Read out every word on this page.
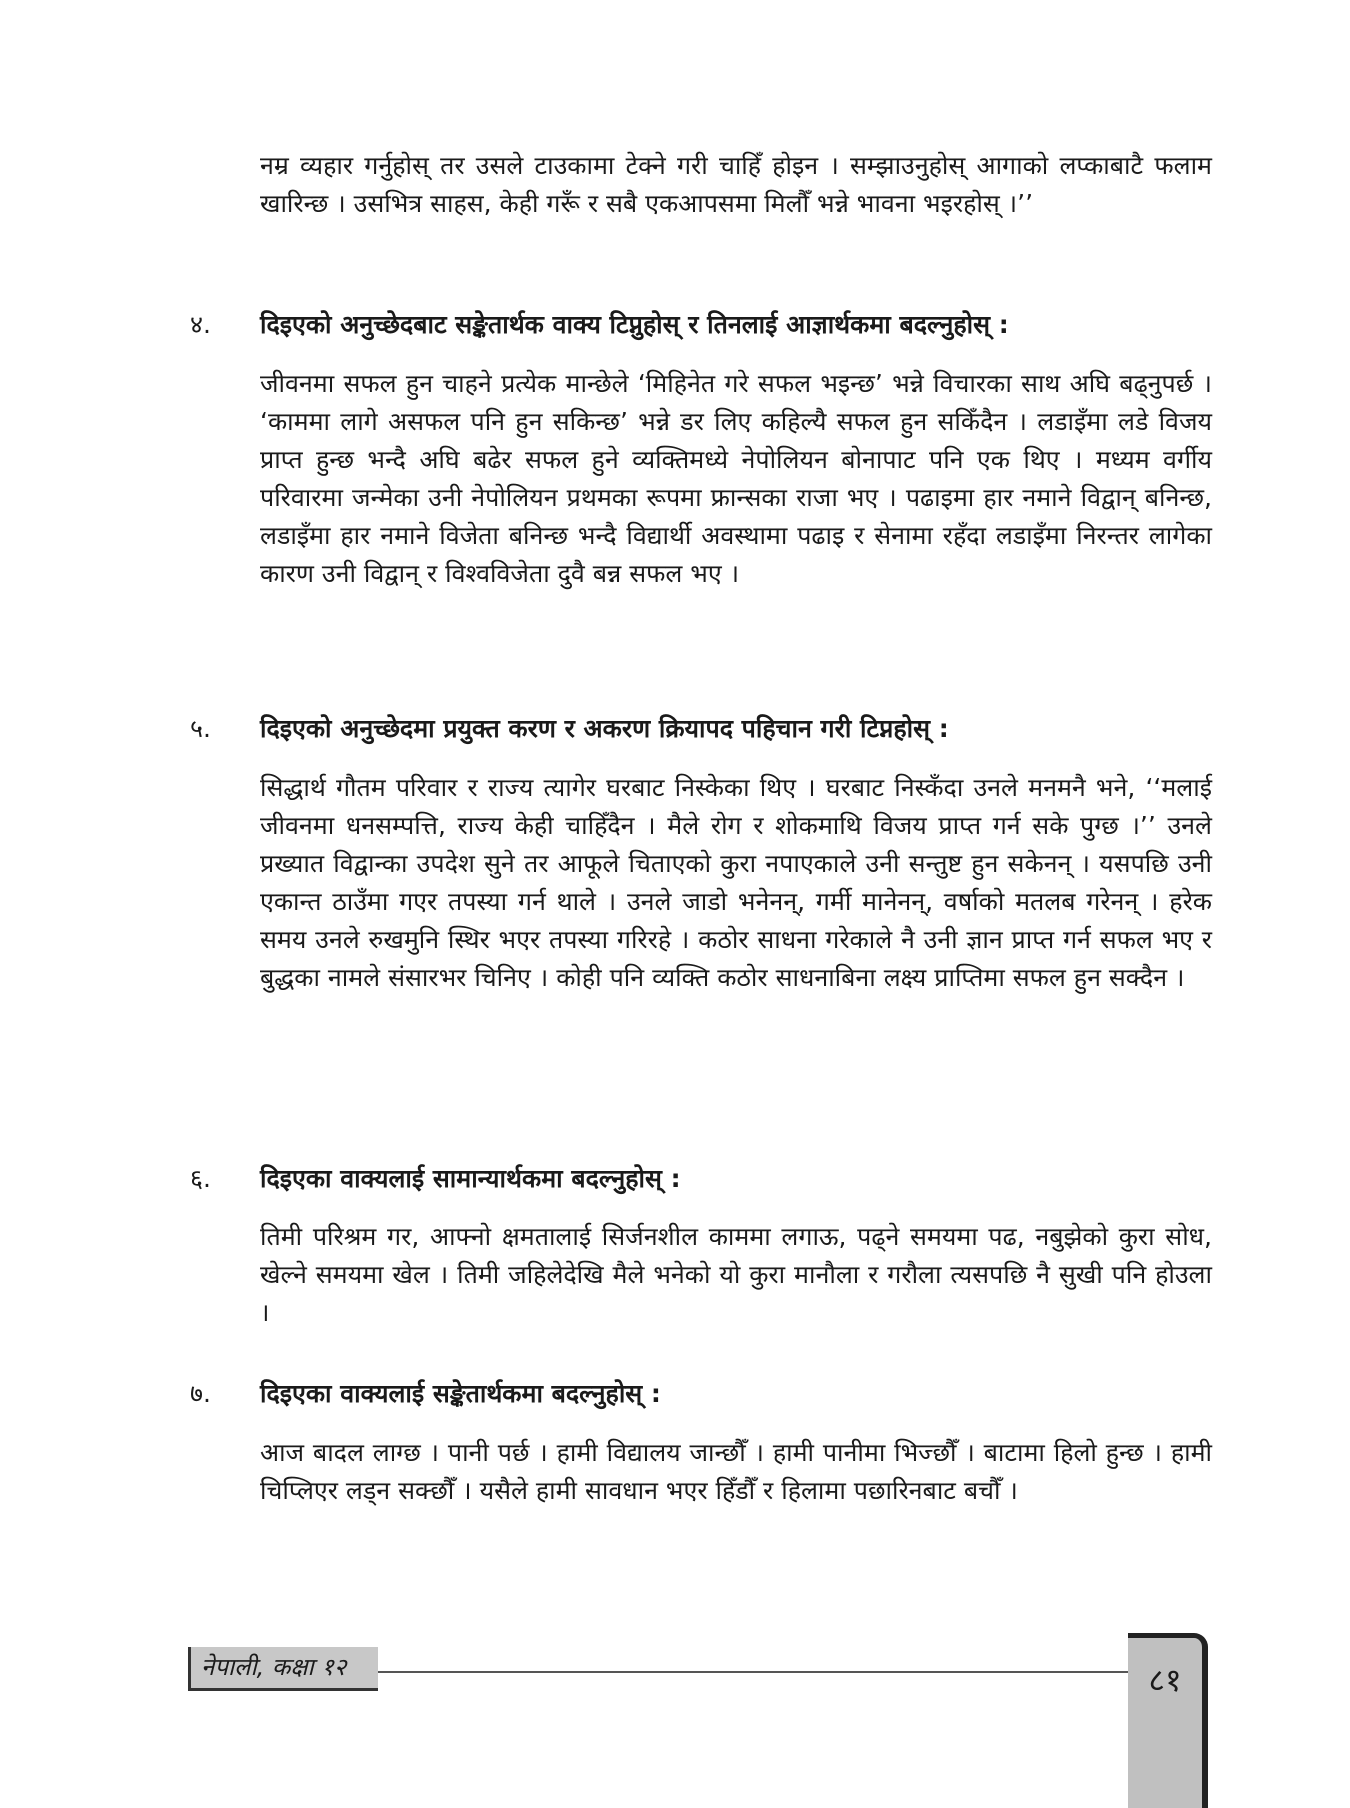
नम्र व्यहार गर्नुहोस् तर उसले टाउकामा टेक्ने गरी चाहिँ होइन । सम्झाउनुहोस् आगाको लप्काबाटै फलाम खारिन्छ । उसभित्र साहस, केही गरूँ र सबै एकआपसमा मिलौँ भन्ने भावना भइरहोस् ।’’

४. दिइएको अनुच्छेदबाट सङ्केतार्थक वाक्य टिप्नुहोस् र तिनलाई आज्ञार्थकमा बदल्नुहोस् :

जीवनमा सफल हुन चाहने प्रत्येक मान्छेले ‘मिहिनेत गरे सफल भइन्छ’ भन्ने विचारका साथ अघि बढ्नुपर्छ । ‘काममा लागे असफल पनि हुन सकिन्छ’ भन्ने डर लिए कहिल्यै सफल हुन सकिँदैन । लडाइँमा लडे विजय प्राप्त हुन्छ भन्दै अघि बढेर सफल हुने व्यक्तिमध्ये नेपोलियन बोनापाट पनि एक थिए । मध्यम वर्गीय परिवारमा जन्मेका उनी नेपोलियन प्रथमका रूपमा फ्रान्सका राजा भए । पढाइमा हार नमाने विद्वान् बनिन्छ, लडाइँमा हार नमाने विजेता बनिन्छ भन्दै विद्यार्थी अवस्थामा पढाइ र सेनामा रहँदा लडाइँमा निरन्तर लागेका कारण उनी विद्वान् र विश्वविजेता दुवै बन्न सफल भए ।

५. दिइएको अनुच्छेदमा प्रयुक्त करण र अकरण क्रियापद पहिचान गरी टिप्नहोस् :

सिद्धार्थ गौतम परिवार र राज्य त्यागेर घरबाट निस्केका थिए । घरबाट निस्कँदा उनले मनमनै भने, ‘‘मलाई जीवनमा धनसम्पत्ति, राज्य केही चाहिँदैन । मैले रोग र शोकमाथि विजय प्राप्त गर्न सके पुग्छ ।’’ उनले प्रख्यात विद्वान्का उपदेश सुने तर आफूले चिताएको कुरा नपाएकाले उनी सन्तुष्ट हुन सकेनन् । यसपछि उनी एकान्त ठाउँमा गएर तपस्या गर्न थाले । उनले जाडो भनेनन्, गर्मी मानेनन्, वर्षाको मतलब गरेनन् । हरेक समय उनले रुखमुनि स्थिर भएर तपस्या गरिरहे । कठोर साधना गरेकाले नै उनी ज्ञान प्राप्त गर्न सफल भए र बुद्धका नामले संसारभर चिनिए । कोही पनि व्यक्ति कठोर साधनाबिना लक्ष्य प्राप्तिमा सफल हुन सक्दैन ।

६. दिइएका वाक्यलाई सामान्यार्थकमा बदल्नुहोस् :

तिमी परिश्रम गर, आफ्नो क्षमतालाई सिर्जनशील काममा लगाऊ, पढ्ने समयमा पढ, नबुझेको कुरा सोध, खेल्ने समयमा खेल । तिमी जहिलेदेखि मैले भनेको यो कुरा मानौला र गरौला त्यसपछि नै सुखी पनि होउला ।

७. दिइएका वाक्यलाई सङ्केतार्थकमा बदल्नुहोस् :

आज बादल लाग्छ । पानी पर्छ । हामी विद्यालय जान्छौँ । हामी पानीमा भिज्छौँ । बाटामा हिलो हुन्छ । हामी चिप्लिएर लड्न सक्छौँ । यसैले हामी सावधान भएर हिँडौँ र हिलामा पछारिनबाट बचौँ ।

नेपाली, कक्षा १२	८१
